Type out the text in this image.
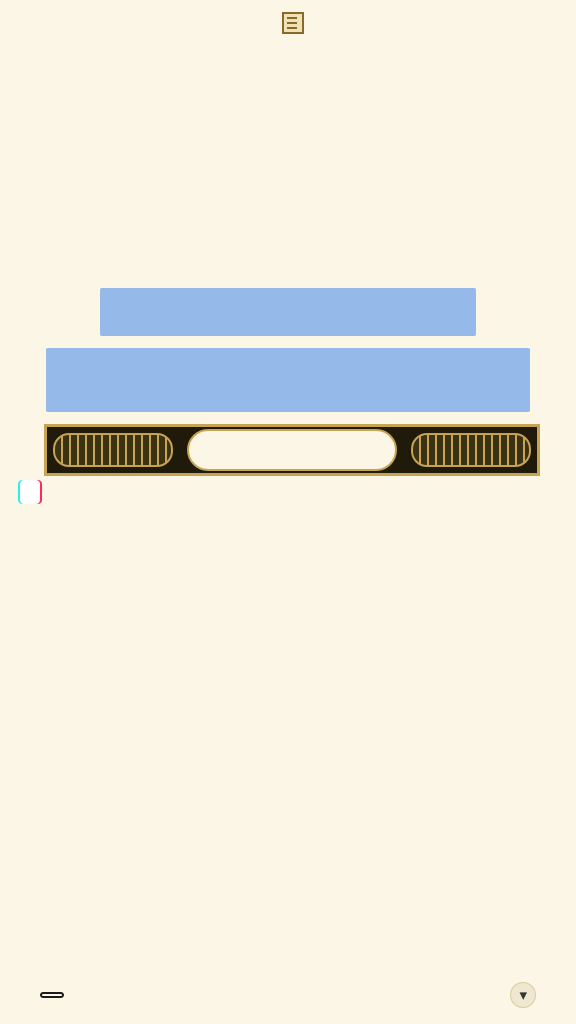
▾
